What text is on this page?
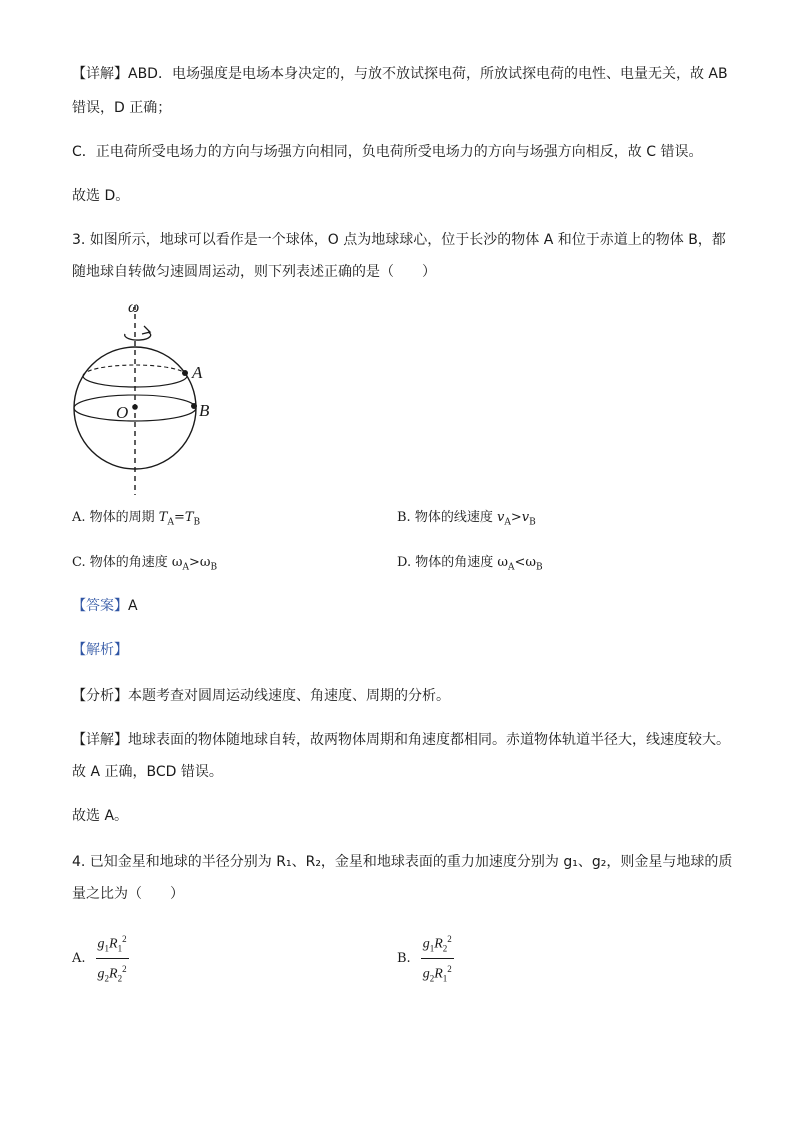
【详解】ABD．电场强度是电场本身决定的，与放不放试探电荷，所放试探电荷的电性、电量无关，故 AB
错误，D 正确；
C．正电荷所受电场力的方向与场强方向相同，负电荷所受电场力的方向与场强方向相反，故 C 错误。
故选 D。
3. 如图所示，地球可以看作是一个球体，O 点为地球球心，位于长沙的物体 A 和位于赤道上的物体 B，都
随地球自转做匀速圆周运动，则下列表述正确的是（　　）
ω
A
B
O
A. 物体的周期 $T_A=T_B$	B. 物体的线速度 $v_A>v_B$
C. 物体的角速度 $\omega_A>\omega_B$	D. 物体的角速度 $\omega_A<\omega_B$
【答案】A
【解析】
【分析】本题考查对圆周运动线速度、角速度、周期的分析。
【详解】地球表面的物体随地球自转，故两物体周期和角速度都相同。赤道物体轨道半径大，线速度较大。
故 A 正确，BCD 错误。
故选 A。
4. 已知金星和地球的半径分别为 R₁、R₂，金星和地球表面的重力加速度分别为 g₁、g₂，则金星与地球的质
量之比为（　　）
A. $\frac{g_1R_1^2}{g_2R_2^2}$	B. $\frac{g_1R_2^2}{g_2R_1^2}$
